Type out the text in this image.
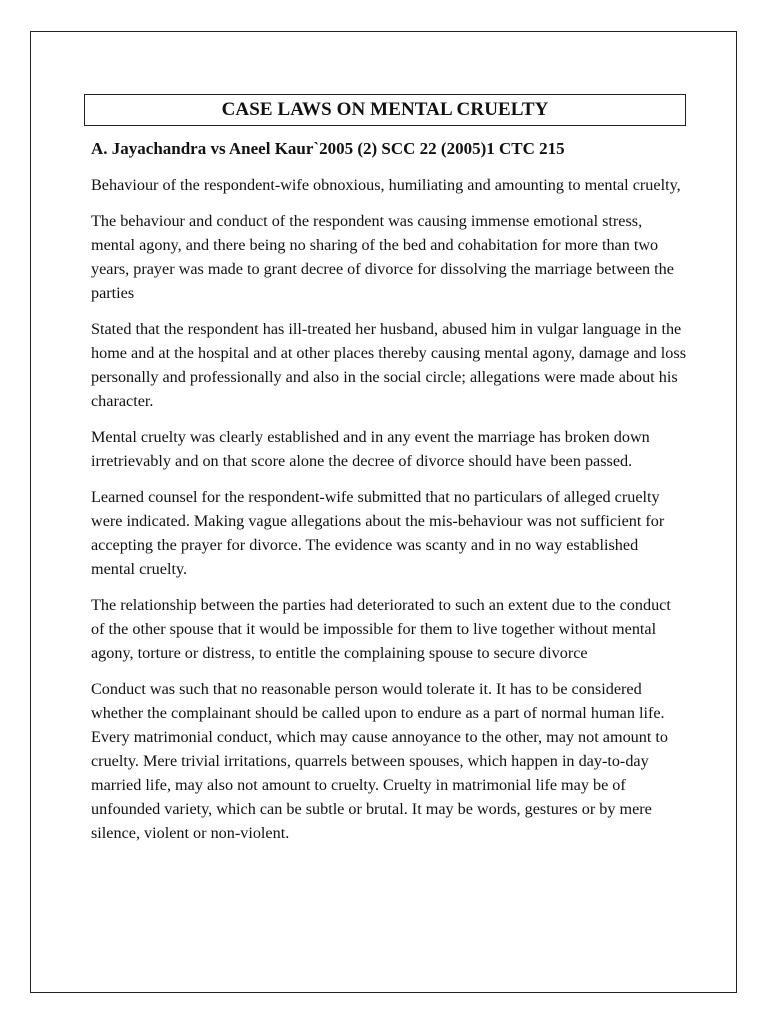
CASE LAWS ON MENTAL CRUELTY
A. Jayachandra vs Aneel Kaur`2005 (2) SCC 22 (2005)1 CTC 215

Behaviour of the respondent-wife obnoxious, humiliating and amounting to mental cruelty,

The behaviour and conduct of the respondent was causing immense emotional stress, mental agony, and there being no sharing of the bed and cohabitation for more than two years, prayer was made to grant decree of divorce for dissolving the marriage between the parties

Stated that the respondent has ill-treated her husband, abused him in vulgar language in the home and at the hospital and at other places thereby causing mental agony, damage and loss personally and professionally and also in the social circle; allegations were made about his character.

Mental cruelty was clearly established and in any event the marriage has broken down irretrievably and on that score alone the decree of divorce should have been passed.

Learned counsel for the respondent-wife submitted that no particulars of alleged cruelty were indicated. Making vague allegations about the mis-behaviour was not sufficient for accepting the prayer for divorce. The evidence was scanty and in no way established mental cruelty.

The relationship between the parties had deteriorated to such an extent due to the conduct of the other spouse that it would be impossible for them to live together without mental agony, torture or distress, to entitle the complaining spouse to secure divorce

Conduct was such that no reasonable person would tolerate it. It has to be considered whether the complainant should be called upon to endure as a part of normal human life. Every matrimonial conduct, which may cause annoyance to the other, may not amount to cruelty. Mere trivial irritations, quarrels between spouses, which happen in day-to-day married life, may also not amount to cruelty. Cruelty in matrimonial life may be of unfounded variety, which can be subtle or brutal. It may be words, gestures or by mere silence, violent or non-violent.
